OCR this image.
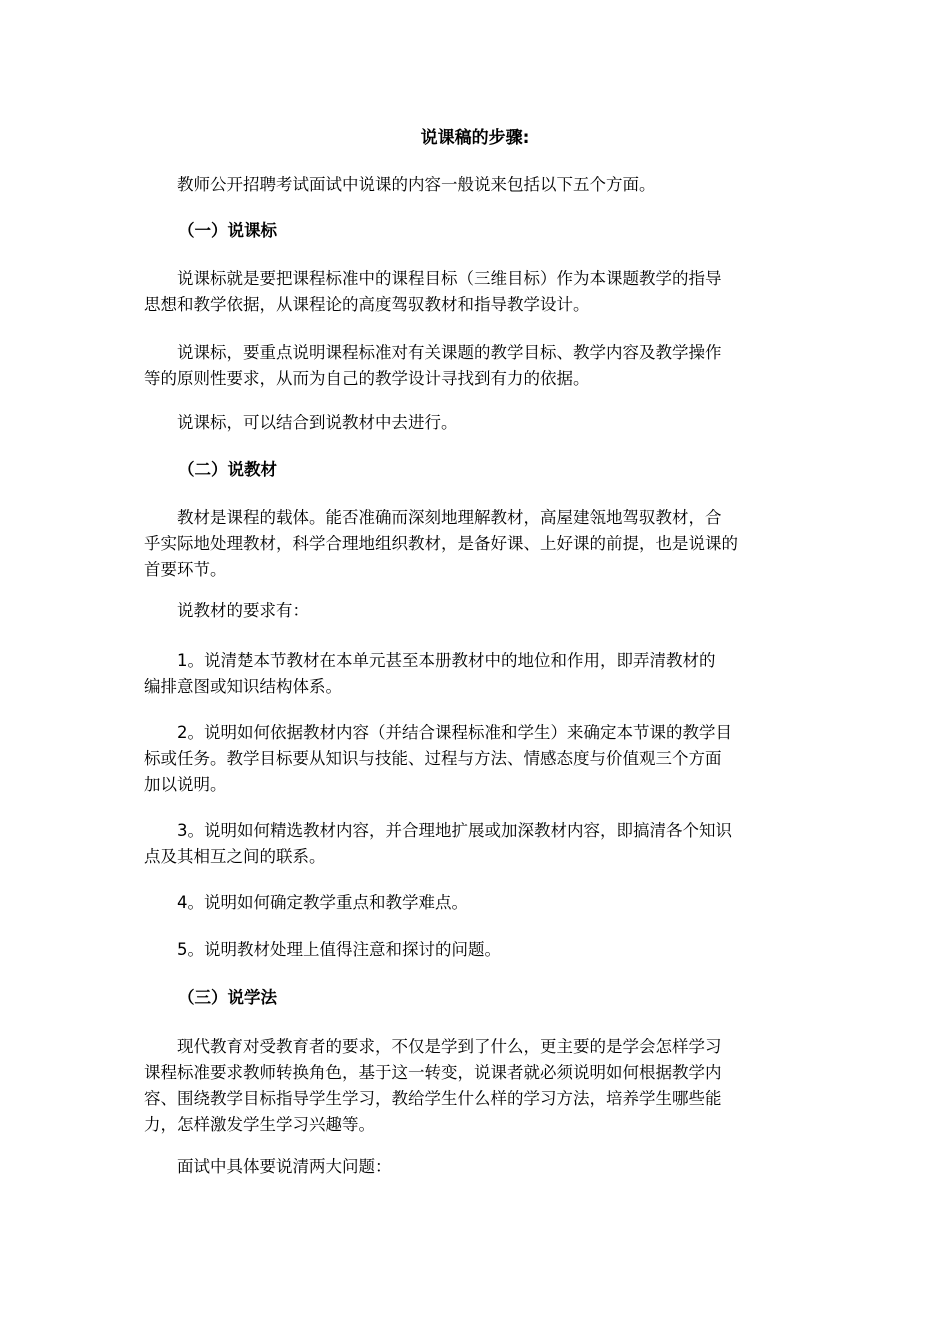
说课稿的步骤:

教师公开招聘考试面试中说课的内容一般说来包括以下五个方面。

（一）说课标

说课标就是要把课程标准中的课程目标（三维目标）作为本课题教学的指导
思想和教学依据，从课程论的高度驾驭教材和指导教学设计。

说课标，要重点说明课程标准对有关课题的教学目标、教学内容及教学操作
等的原则性要求，从而为自己的教学设计寻找到有力的依据。

说课标，可以结合到说教材中去进行。

（二）说教材

教材是课程的载体。能否准确而深刻地理解教材，高屋建瓴地驾驭教材，合
乎实际地处理教材，科学合理地组织教材，是备好课、上好课的前提，也是说课的
首要环节。

说教材的要求有：

1。说清楚本节教材在本单元甚至本册教材中的地位和作用，即弄清教材的
编排意图或知识结构体系。

2。说明如何依据教材内容（并结合课程标准和学生）来确定本节课的教学目
标或任务。教学目标要从知识与技能、过程与方法、情感态度与价值观三个方面
加以说明。

3。说明如何精选教材内容，并合理地扩展或加深教材内容，即搞清各个知识
点及其相互之间的联系。

4。说明如何确定教学重点和教学难点。

5。说明教材处理上值得注意和探讨的问题。

（三）说学法

现代教育对受教育者的要求，不仅是学到了什么，更主要的是学会怎样学习
课程标准要求教师转换角色，基于这一转变，说课者就必须说明如何根据教学内
容、围绕教学目标指导学生学习，教给学生什么样的学习方法，培养学生哪些能
力，怎样激发学生学习兴趣等。

面试中具体要说清两大问题：
